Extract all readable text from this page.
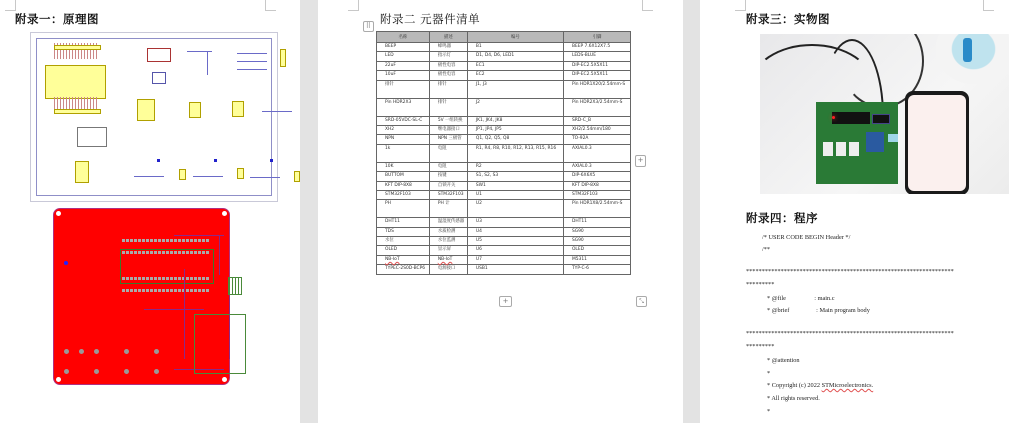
附录一：原理图	附录二 元器件清单
⠿
名称	描述	编号	引脚
BEEP	蜂鸣器	B1	BEEP 7.6X12X7.5
LED	指示灯	D1, D4, D6, LED1	LEDS-BLUE
22uF	极性电容	EC1	DIP-EC2.5X5X11
10uF	极性电容	EC2	DIP-EC2.5X5X11
排针	排针	J1, J3	Pin HDR1X20/2.54mm-S
Pin HDR2X3	排针	J2	Pin HDR2X3/2.54mm-S
SRD-05VDC-SL-C	5V 一组转换	JK1, JK4, JK8	SRD-C_B
XH2	继电器接口	JP1, JP4, JP5	XH2/2.54mm/180
NPN	NPN 三极管	Q1, Q2, Q5, Q8	TO-92A
1k	电阻	R1, R4, R8, R10, R12, R13, R15, R16	AXIAL0.3
10K	电阻	R2	AXIAL0.3
BUTTOM	按键	S1, S2, S3	DIP-6X6X5
KFT DIP-8X8	自锁开关	SW1	KFT DIP-8X8
STM32F103	STM32F103	U1	STM32F103
PH	PH 计	U2	Pin HDR1X8/2.54mm-S
DHT11	温湿度传感器	U3	DHT11
TDS	水质检测	U4	SG90
水位	水位监测	U5	SG90
OLED	显示屏	U6	OLED
NB-IoT	NB-IoT	U7	M5311
TYPEC-2S0D-BCP6	电源接口	USB1	TYP-C-6
+
+	⤡
附录三：实物图
附录四：程序
/* USER CODE BEGIN Header */
/**
******************************************************************
*********
* @file                  : main.c
* @brief                 : Main program body
******************************************************************
*********
* @attention
*
* Copyright (c) 2022 STMicroelectronics.
* All rights reserved.
*
